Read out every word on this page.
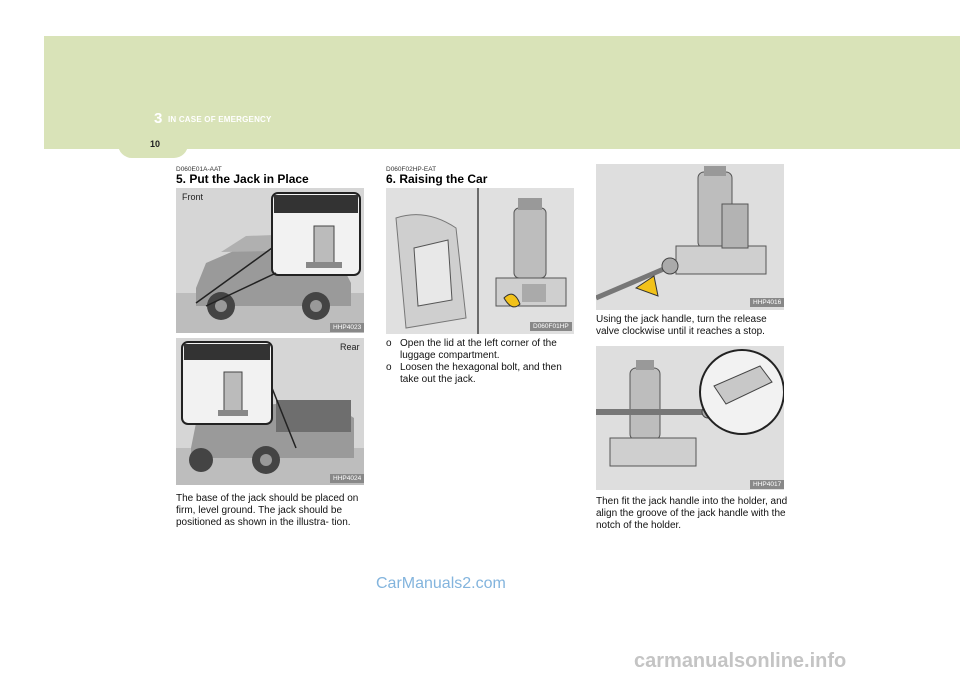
3 IN CASE OF EMERGENCY
10
D060E01A-AAT
5. Put the Jack in Place
Front
HHP4023
Rear
HHP4024
The base of the jack should be placed on firm, level ground. The jack should be positioned as shown in the illustra- tion.
D060F02HP-EAT
6. Raising the Car
D060F01HP
o Open the lid at the left corner of the luggage compartment.
o Loosen the hexagonal bolt, and then take out the jack.
HHP4016
Using the jack handle, turn the release valve clockwise until it reaches a stop.
HHP4017
Then fit the jack handle into the holder, and align the groove of the jack handle with the notch of the holder.
CarManuals2.com
carmanualsonline.info
